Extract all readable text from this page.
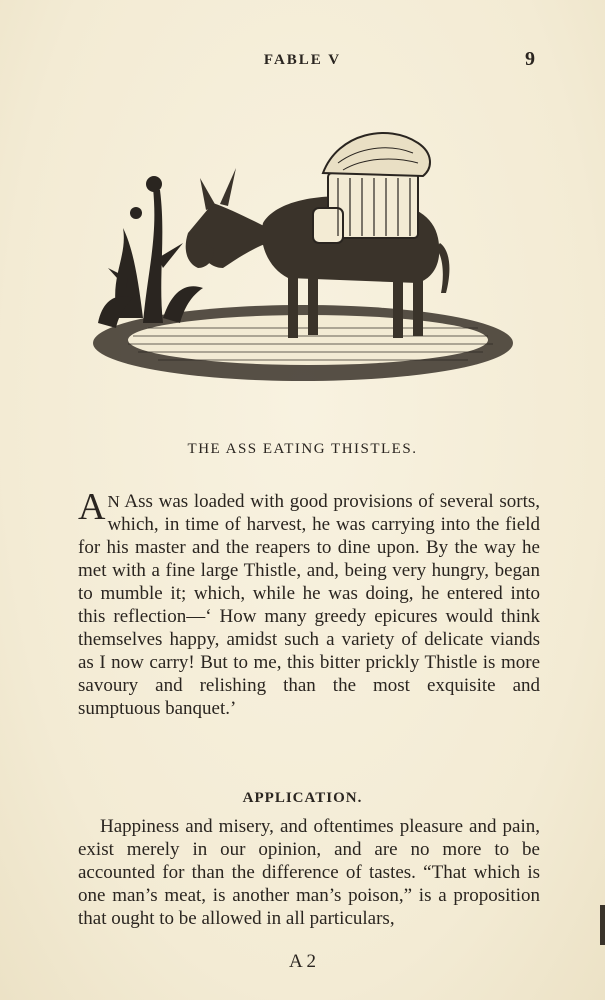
FABLE V	9
THE ASS EATING THISTLES.

A N Ass was loaded with good provisions of several sorts, which, in time of harvest, he was carrying into the field for his master and the reapers to dine upon. By the way he met with a fine large Thistle, and, being very hungry, began to mumble it; which, while he was doing, he entered into this reflection—‘ How many greedy epicures would think themselves happy, amidst such a variety of delicate viands as I now carry! But to me, this bitter prickly Thistle is more savoury and relishing than the most exquisite and sumptuous banquet.’

APPLICATION.

Happiness and misery, and oftentimes pleasure and pain, exist merely in our opinion, and are no more to be accounted for than the difference of tastes. “That which is one man’s meat, is another man’s poison,” is a proposition that ought to be allowed in all particulars,

A 2
